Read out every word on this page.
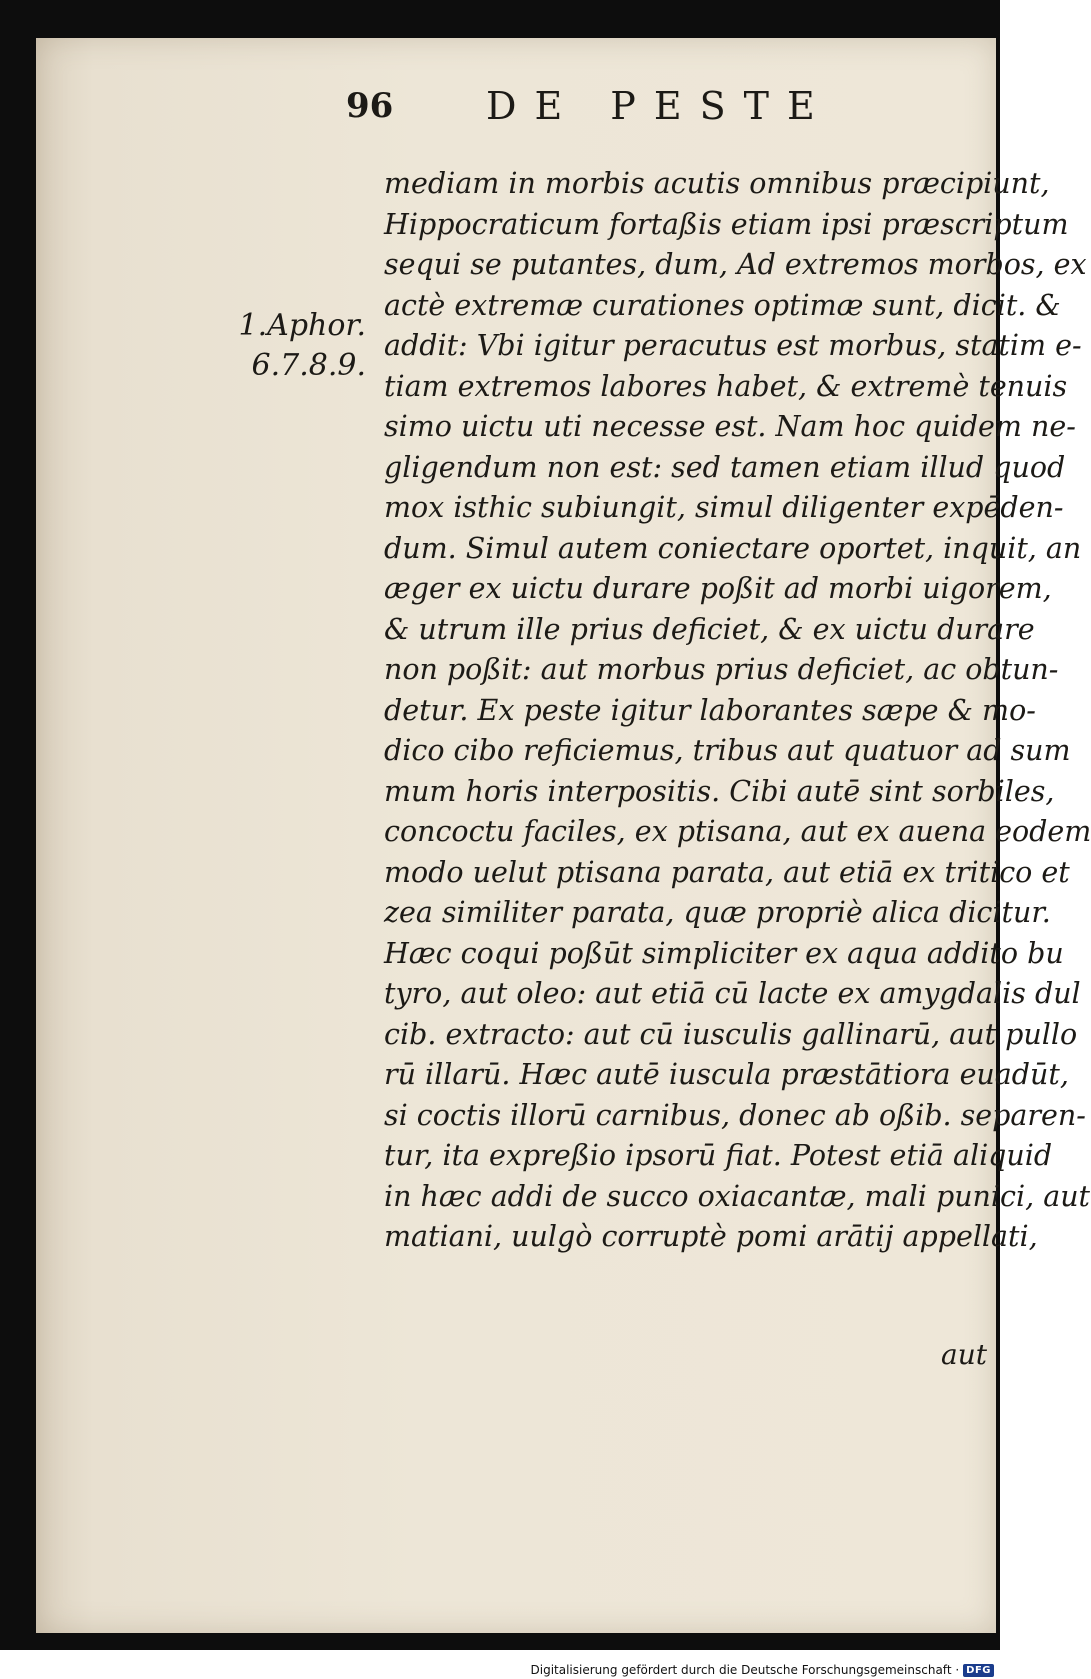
96 DE PESTE
1.Aphor.
6.7.8.9.
mediam in morbis acutis omnibus præcipiunt,
Hippocraticum fortaßis etiam ipsi præscriptum
sequi se putantes, dum, Ad extremos morbos, ex
actè extremæ curationes optimæ sunt, dicit. &
addit: Vbi igitur peracutus est morbus, statim e-
tiam extremos labores habet, & extremè tenuis
simo uictu uti necesse est. Nam hoc quidem ne-
gligendum non est: sed tamen etiam illud quod
mox isthic subiungit, simul diligenter expēden-
dum. Simul autem coniectare oportet, inquit, an
æger ex uictu durare poßit ad morbi uigorem,
& utrum ille prius deficiet, & ex uictu durare
non poßit: aut morbus prius deficiet, ac obtun-
detur. Ex peste igitur laborantes sæpe & mo-
dico cibo reficiemus, tribus aut quatuor ad sum
mum horis interpositis. Cibi autē sint sorbiles,
concoctu faciles, ex ptisana, aut ex auena eodem
modo uelut ptisana parata, aut etiā ex tritico et
zea similiter parata, quæ propriè alica dicitur.
Hæc coqui poßūt simpliciter ex aqua addito bu
tyro, aut oleo: aut etiā cū lacte ex amygdalis dul
cib. extracto: aut cū iusculis gallinarū, aut pullo
rū illarū. Hæc autē iuscula præstātiora euadūt,
si coctis illorū carnibus, donec ab oßib. separen-
tur, ita expreßio ipsorū fiat. Potest etiā aliquid
in hæc addi de succo oxiacantæ, mali punici, aut
matiani, uulgò corruptè pomi arātij appellati,
aut
Digitalisierung gefördert durch die Deutsche Forschungsgemeinschaft · DFG
